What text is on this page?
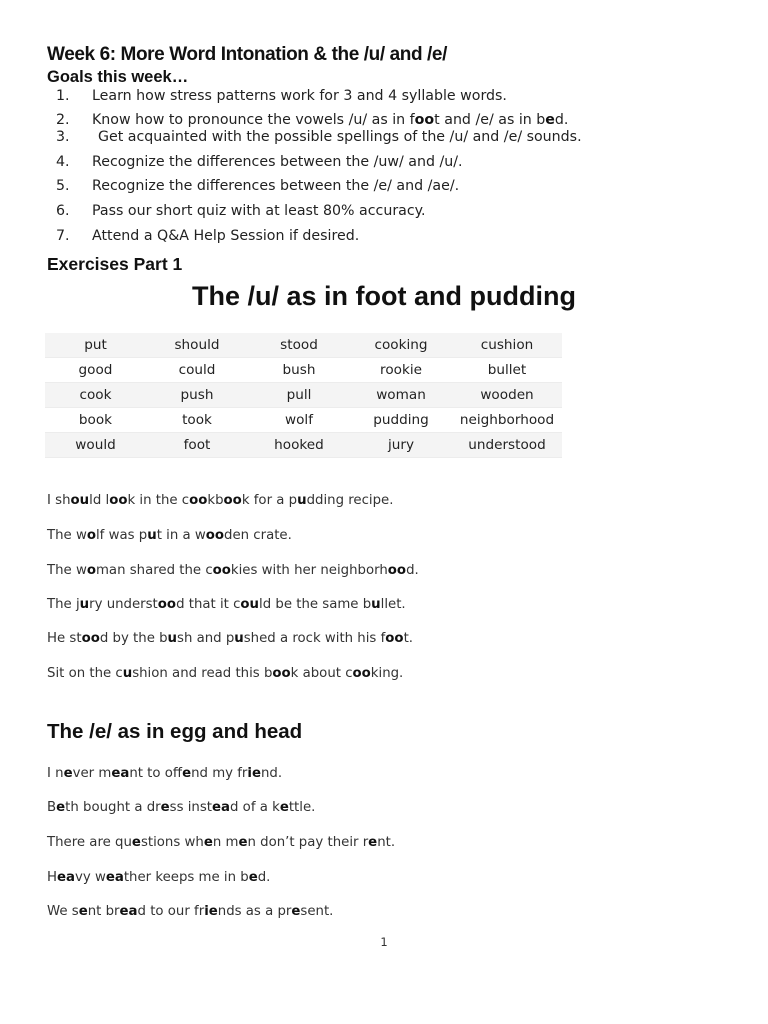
Week 6: More Word Intonation & the /u/ and /e/
Goals this week…
1. Learn how stress patterns work for 3 and 4 syllable words.
2. Know how to pronounce the vowels /u/ as in foot and /e/ as in bed.
3. Get acquainted with the possible spellings of the /u/ and /e/ sounds.
4. Recognize the differences between the /uw/ and /u/.
5. Recognize the differences between the /e/ and /ae/.
6. Pass our short quiz with at least 80% accuracy.
7. Attend a Q&A Help Session if desired.
Exercises Part 1
The /u/ as in foot and pudding
put	should	stood	cooking	cushion
good	could	bush	rookie	bullet
cook	push	pull	woman	wooden
book	took	wolf	pudding	neighborhood
would	foot	hooked	jury	understood

I should look in the cookbook for a pudding recipe.

The wolf was put in a wooden crate.

The woman shared the cookies with her neighborhood.

The jury understood that it could be the same bullet.

He stood by the bush and pushed a rock with his foot.

Sit on the cushion and read this book about cooking.

The /e/ as in egg and head

I never meant to offend my friend.

Beth bought a dress instead of a kettle.

There are questions when men don’t pay their rent.

Heavy weather keeps me in bed.

We sent bread to our friends as a present.

1
